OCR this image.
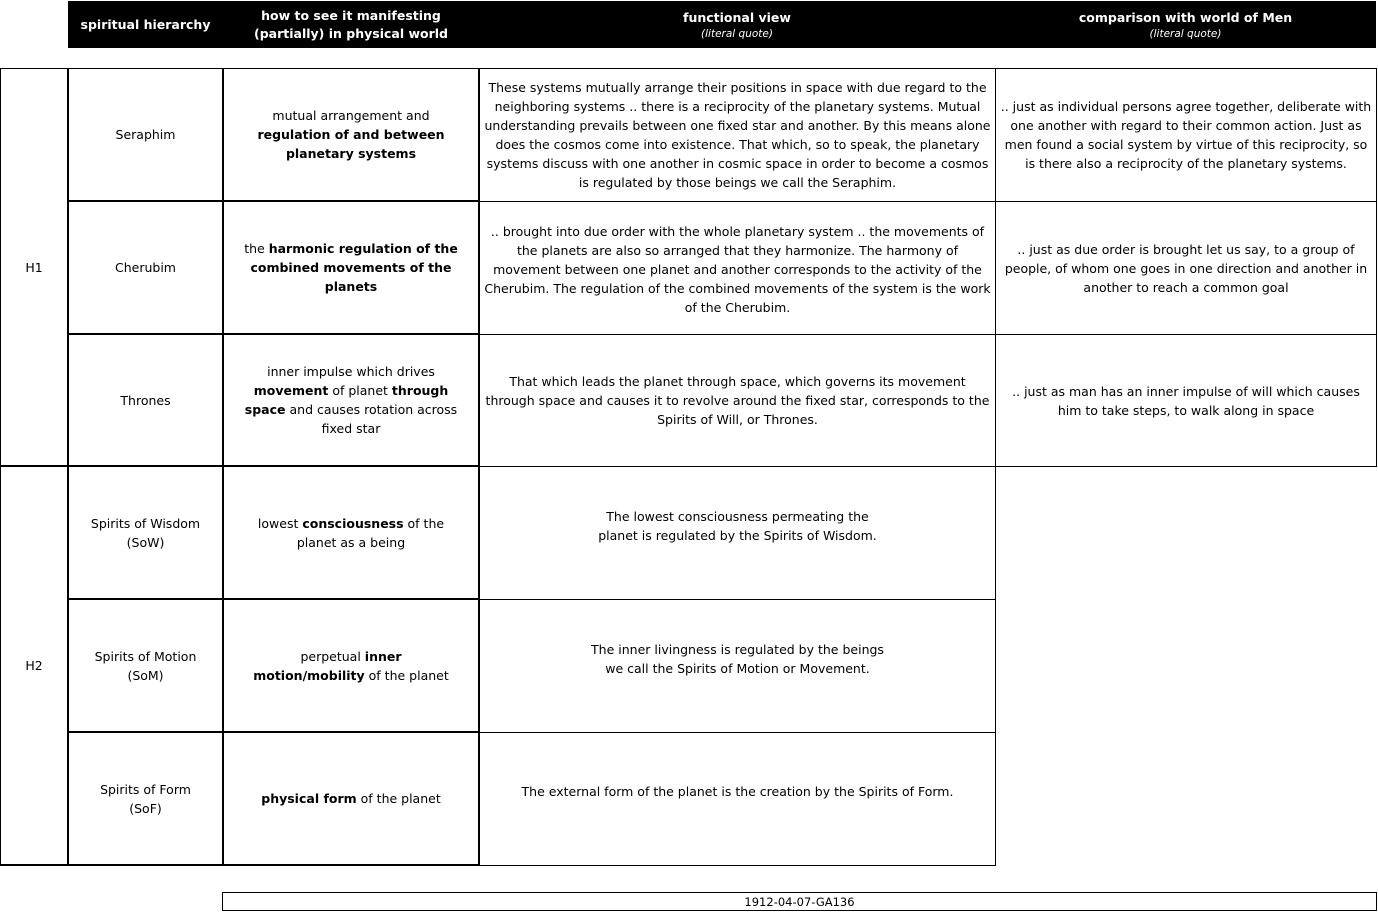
spiritual hierarchy
how to see it manifesting
(partially) in physical world
functional view
(literal quote)
comparison with world of Men
(literal quote)
H1
H2
Seraphim
mutual arrangement and regulation of and between planetary systems
These systems mutually arrange their positions in space with due regard to the neighboring systems .. there is a reciprocity of the planetary systems. Mutual understanding prevails between one fixed star and another. By this means alone does the cosmos come into existence. That which, so to speak, the planetary systems discuss with one another in cosmic space in order to become a cosmos is regulated by those beings we call the Seraphim.
.. just as individual persons agree together, deliberate with one another with regard to their common action. Just as men found a social system by virtue of this reciprocity, so is there also a reciprocity of the planetary systems.
Cherubim
the harmonic regulation of the combined movements of the planets
.. brought into due order with the whole planetary system .. the movements of the planets are also so arranged that they harmonize. The harmony of movement between one planet and another corresponds to the activity of the Cherubim. The regulation of the combined movements of the system is the work of the Cherubim.
.. just as due order is brought let us say, to a group of people, of whom one goes in one direction and another in another to reach a common goal
Thrones
inner impulse which drives movement of planet through space and causes rotation across fixed star
That which leads the planet through space, which governs its movement through space and causes it to revolve around the fixed star, corresponds to the Spirits of Will, or Thrones.
.. just as man has an inner impulse of will which causes him to take steps, to walk along in space
Spirits of Wisdom
(SoW)
lowest consciousness of the planet as a being
The lowest consciousness permeating the planet is regulated by the Spirits of Wisdom.
Spirits of Motion
(SoM)
perpetual inner motion/mobility of the planet
The inner livingness is regulated by the beings we call the Spirits of Motion or Movement.
Spirits of Form
(SoF)
physical form of the planet	The external form of the planet is the creation by the Spirits of Form.
1912-04-07-GA136
